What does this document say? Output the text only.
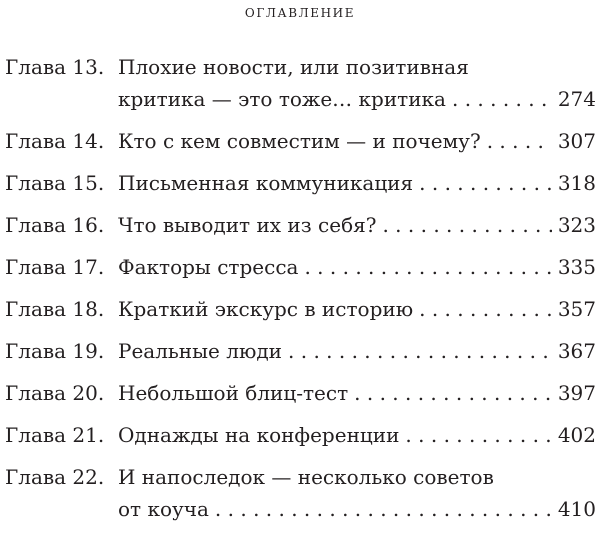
оглавление
Глава 13. Плохие новости, или позитивная
критика — это тоже… критика . . .	274
Глава 14. Кто с кем совместим — и почему? . . .	307
Глава 15. Письменная коммуникация . . .	318
Глава 16. Что выводит их из себя? . . .	323
Глава 17. Факторы стресса . . .	335
Глава 18. Краткий экскурс в историю . . .	357
Глава 19. Реальные люди . . .	367
Глава 20. Небольшой блиц-тест . . .	397
Глава 21. Однажды на конференции . . .	402
Глава 22. И напоследок — несколько советов
от коуча . . .	410
